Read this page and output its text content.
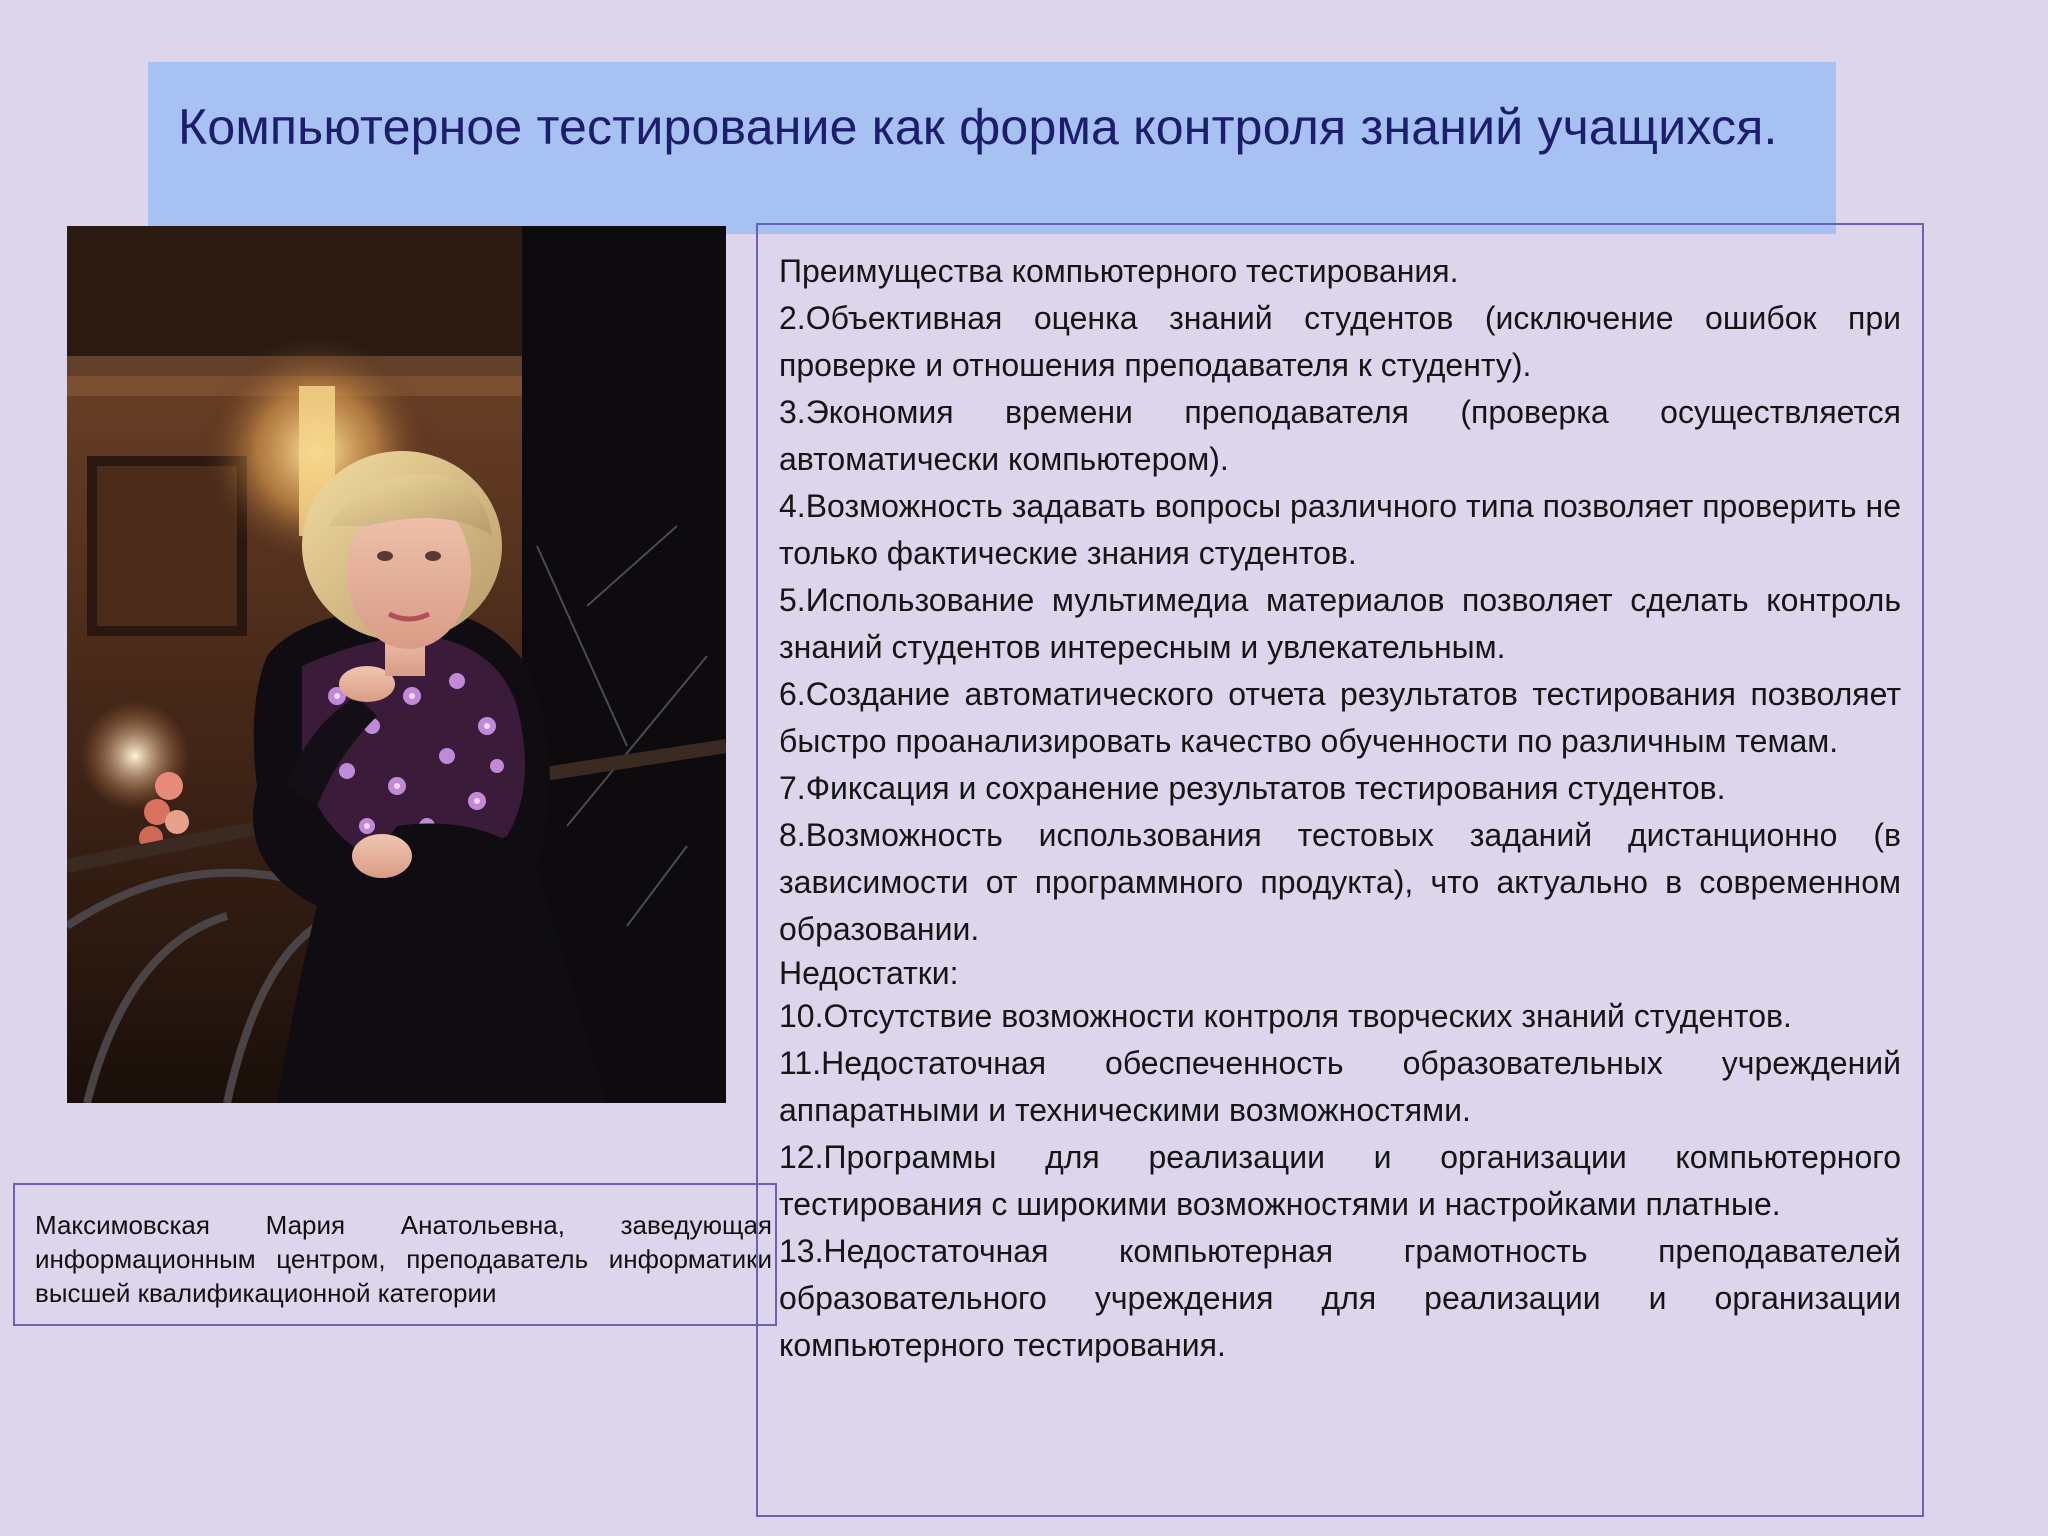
Компьютерное тестирование как форма контроля знаний учащихся.
Максимовская Мария Анатольевна, заведующая информационным центром, преподаватель информатики высшей квалификационной категории

Преимущества компьютерного тестирования.

2.Объективная оценка знаний студентов (исключение ошибок при проверке и отношения преподавателя к студенту).

3.Экономия времени преподавателя (проверка осуществляется автоматически компьютером).

4.Возможность задавать вопросы различного типа позволяет проверить не только фактические знания студентов.

5.Использование мультимедиа материалов позволяет сделать контроль знаний студентов интересным и увлекательным.

6.Создание автоматического отчета результатов тестирования позволяет быстро проанализировать качество обученности по различным темам.

7.Фиксация и сохранение результатов тестирования студентов.

8.Возможность использования тестовых заданий дистанционно (в зависимости от программного продукта), что актуально в современном образовании.

Недостатки:

10.Отсутствие возможности контроля творческих знаний студентов.

11.Недостаточная обеспеченность образовательных учреждений аппаратными и техническими возможностями.

12.Программы для реализации и организации компьютерного тестирования с широкими возможностями и настройками платные.

13.Недостаточная компьютерная грамотность преподавателей образовательного учреждения для реализации и организации компьютерного тестирования.
